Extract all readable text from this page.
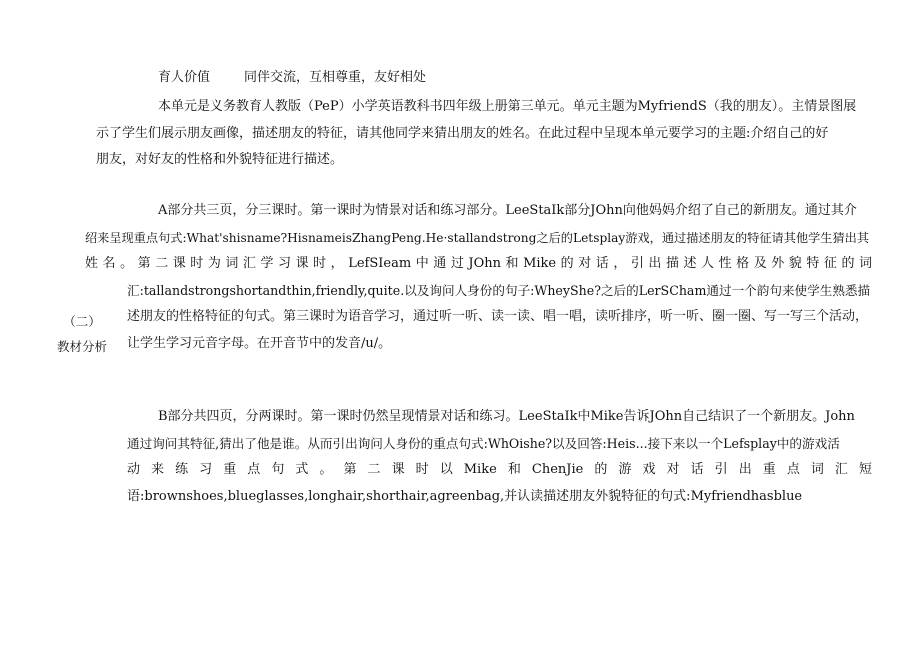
育人价值	同伴交流，互相尊重，友好相处
（二）
教材分析
本单元是义务教育人教版（PeP）小学英语教科书四年级上册第三单元。单元主题为MyfriendS（我的朋友）。主情景图展
示了学生们展示朋友画像，描述朋友的特征，请其他同学来猜出朋友的姓名。在此过程中呈现本单元要学习的主题:介绍自己的好
朋友，对好友的性格和外貌特征进行描述。
A部分共三页，分三课时。第一课时为情景对话和练习部分。LeeStaIk部分JOhn向他妈妈介绍了自己的新朋友。通过其介
绍来呈现重点句式:What'shisname?HisnameisZhangPeng.He·stallandstrong之后的Letsplay游戏，通过描述朋友的特征请其他学生猜出其
姓名。第二课时为词汇学习课时，LefSIeam中通过JOhn和Mike的对话，引出描述人性格及外貌特征的词
汇:tallandstrongshortandthin,friendly,quite.以及询问人身份的句子:WheySh​e?之后的LerSCham通过一个韵句来使学生熟悉描
述朋友的性格特征的句式。第三课时为语音学习，通过听一听、读一读、唱一唱，读听排序，听一听、圈一圈、写一写三个活动，
让学生学习元音字母。在开音节中的发音/u/。
B部分共四页，分两课时。第一课时仍然呈现情景对话和练习。LeeStaIk中Mike告诉JOhn自己结识了一个新朋友。John
通过询问其特征,猜出了他是谁。从而引出询问人身份的重点句式:WhOishe?以及回答:Heis...接下来以一个Lefsplay中的游戏活
动来练习重点句式。第二课时以Mike和ChenJie的游戏对话引出重点词汇短
语:brownshoes,blueglasses,longhair,shorthair,agreenbag,并认读描述朋友外貌特征的句式:Myfriendhasblue
